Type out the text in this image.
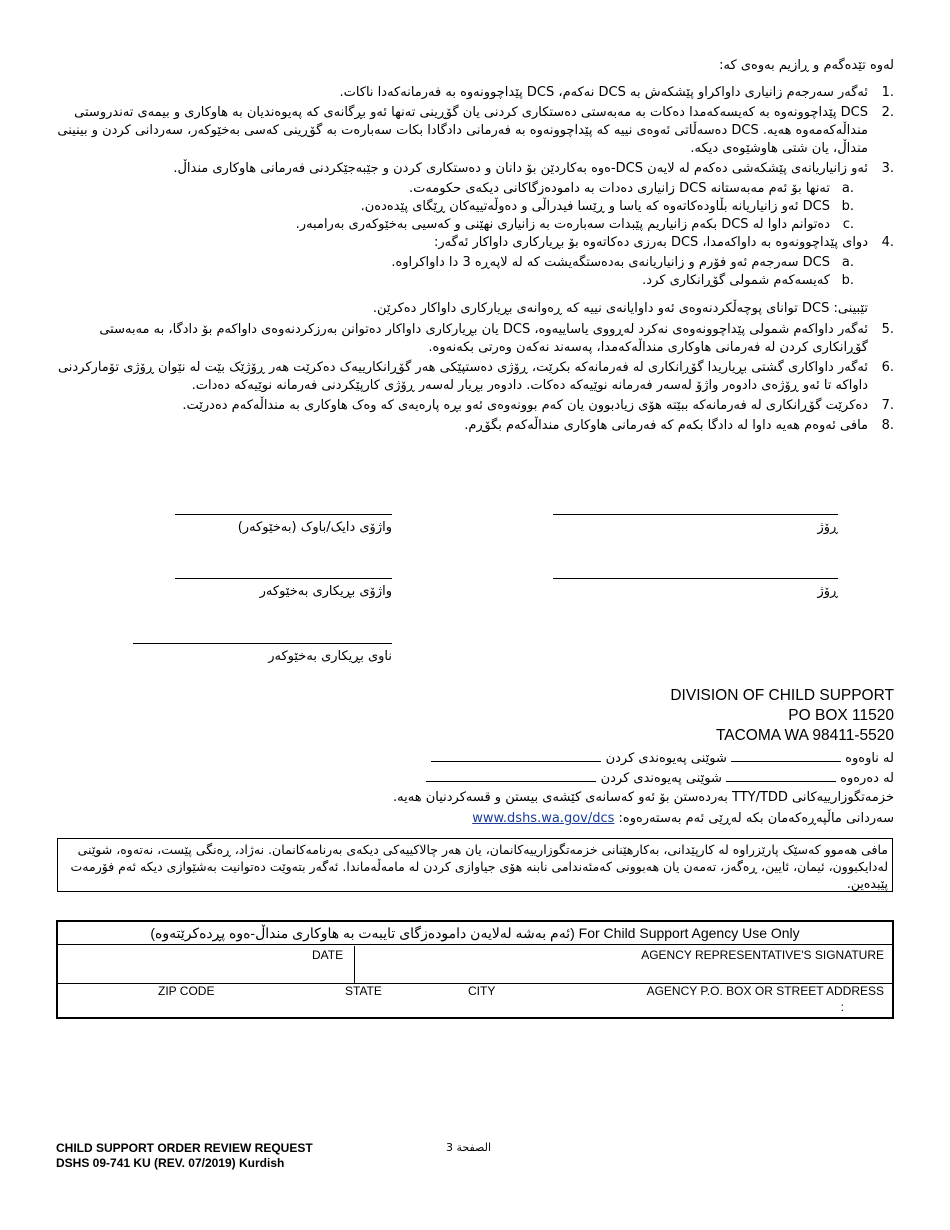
لەوە تێدەگەم و ڕازیم بەوەی کە:
.1
ئەگەر سەرجەم زانیاری داواکراو پێشکەش بە DCS نەکەم، DCS پێداچوونەوە بە فەرمانەکەدا ناکات.
.2
DCS پێداچوونەوە بە کەیسەکەمدا دەکات بە مەبەستی دەستکاری کردنی یان گۆڕینی تەنها ئەو بڕگانەی کە پەیوەندیان بە هاوکاری و بیمەی تەندروستی منداڵەکەمەوە هەیە. DCS دەسەڵاتی ئەوەی نییە کە پێداچوونەوە بە فەرمانی دادگادا بکات سەبارەت بە گۆڕینی کەسی بەخێوکەر، سەردانی کردن و بینینی منداڵ، یان شتی هاوشێوەی دیکە.
.3
ئەو زانیاریانەی پێشکەشی دەکەم لە لایەن DCS-ەوە بەکاردێن بۆ دانان و دەستکاری کردن و جێبەجێکردنی فەرمانی هاوکاری منداڵ.
.a
تەنها بۆ ئەم مەبەستانە DCS زانیاری دەدات بە دامودەزگاکانی دیکەی حکومەت.
.b
DCS ئەو زانیاریانە بڵاودەکاتەوە کە یاسا و ڕێسا فیدراڵی و دەوڵەتییەکان ڕێگای پێدەدەن.
.c
دەتوانم داوا لە DCS بکەم زانیاریم پێبدات سەبارەت بە زانیاری نهێنی و کەسیی بەخێوکەری بەرامبەر.
.4
دوای پێداچوونەوە بە داواکەمدا، DCS بەرزی دەکاتەوە بۆ بڕیارکاری داواکار ئەگەر:
.a
DCS سەرجەم ئەو فۆرم و زانیاریانەی بەدەستگەیشت کە لە لاپەڕە 3 دا داواکراوە.
.b
کەیسەکەم شمولی گۆڕانکاری کرد.
تێبینی: DCS توانای پوچەڵکردنەوەی ئەو داوایانەی نییە کە ڕەوانەی بڕیارکاری داواکار دەکرێن.
.5
ئەگەر داواکەم شمولی پێداچوونەوەی نەکرد لەڕووی یاساییەوە، DCS یان بڕیارکاری داواکار دەتوانن بەرزکردنەوەی داواکەم بۆ دادگا، بە مەبەستی گۆڕانکاری کردن لە فەرمانی هاوکاری منداڵەکەمدا، پەسەند نەکەن وەرتی بکەنەوە.
.6
ئەگەر داواکاری گشتی بڕیاریدا گۆڕانکاری لە فەرمانەکە بکرێت، ڕۆژی دەستپێکی هەر گۆڕانکارییەک دەکرێت هەر ڕۆژێک بێت لە نێوان ڕۆژی تۆمارکردنی داواکە تا ئەو ڕۆژەی دادوەر واژۆ لەسەر فەرمانە نوێیەکە دەکات. دادوەر بڕیار لەسەر ڕۆژی کارپێکردنی فەرمانە نوێیەکە دەدات.
.7
دەکرێت گۆڕانکاری لە فەرمانەکە ببێتە هۆی زیادبوون یان کەم بوونەوەی ئەو بڕە پارەیەی کە وەک هاوکاری بە منداڵەکەم دەدرێت.
.8
مافی ئەوەم هەیە داوا لە دادگا بکەم کە فەرمانی هاوکاری منداڵەکەم بگۆڕم.
ڕۆژ
واژۆی دایک/باوک (بەخێوکەر)
ڕۆژ
واژۆی بڕیکاری بەخێوکەر
ناوی بڕیکاری بەخێوکەر
DIVISION OF CHILD SUPPORT
PO BOX 11520
TACOMA WA 98411-5520
لە ناوەوە  شوێنی پەیوەندی کردن
لە دەرەوە  شوێنی پەیوەندی کردن
خزمەتگوزارییەکانی TTY/TDD بەردەستن بۆ ئەو کەسانەی کێشەی بیستن و قسەکردنیان هەیە.
سەردانی ماڵپەڕەکەمان بکە لەڕێی ئەم بەستەرەوە: www.dshs.wa.gov/dcs
مافی هەموو کەسێک پارێزراوە لە کارپێدانی، بەکارهێنانی خزمەتگوزارییەکانمان، یان هەر چالاکییەکی دیکەی بەرنامەکانمان. نەژاد، ڕەنگی پێست، نەتەوە، شوێنی لەدایکبوون، ئیمان، ئایین، ڕەگەز، تەمەن یان هەبوونی کەمئەندامی نابنە هۆی جیاوازی کردن لە مامەڵەماندا. ئەگەر بتەوێت دەتوانیت بەشێوازی دیکە ئەم فۆرمەت پێبدەین.
(ئەم بەشە لەلایەن دامودەزگای تایبەت بە هاوکاری منداڵ-ەوە پڕدەکرێتەوە) For Child Support Agency Use Only
DATE	AGENCY REPRESENTATIVE'S SIGNATURE
ZIP CODE	STATE	CITY	AGENCY P.O. BOX OR STREET ADDRESS
:
CHILD SUPPORT ORDER REVIEW REQUEST
DSHS 09-741 KU (REV. 07/2019) Kurdish
الصفحة 3
